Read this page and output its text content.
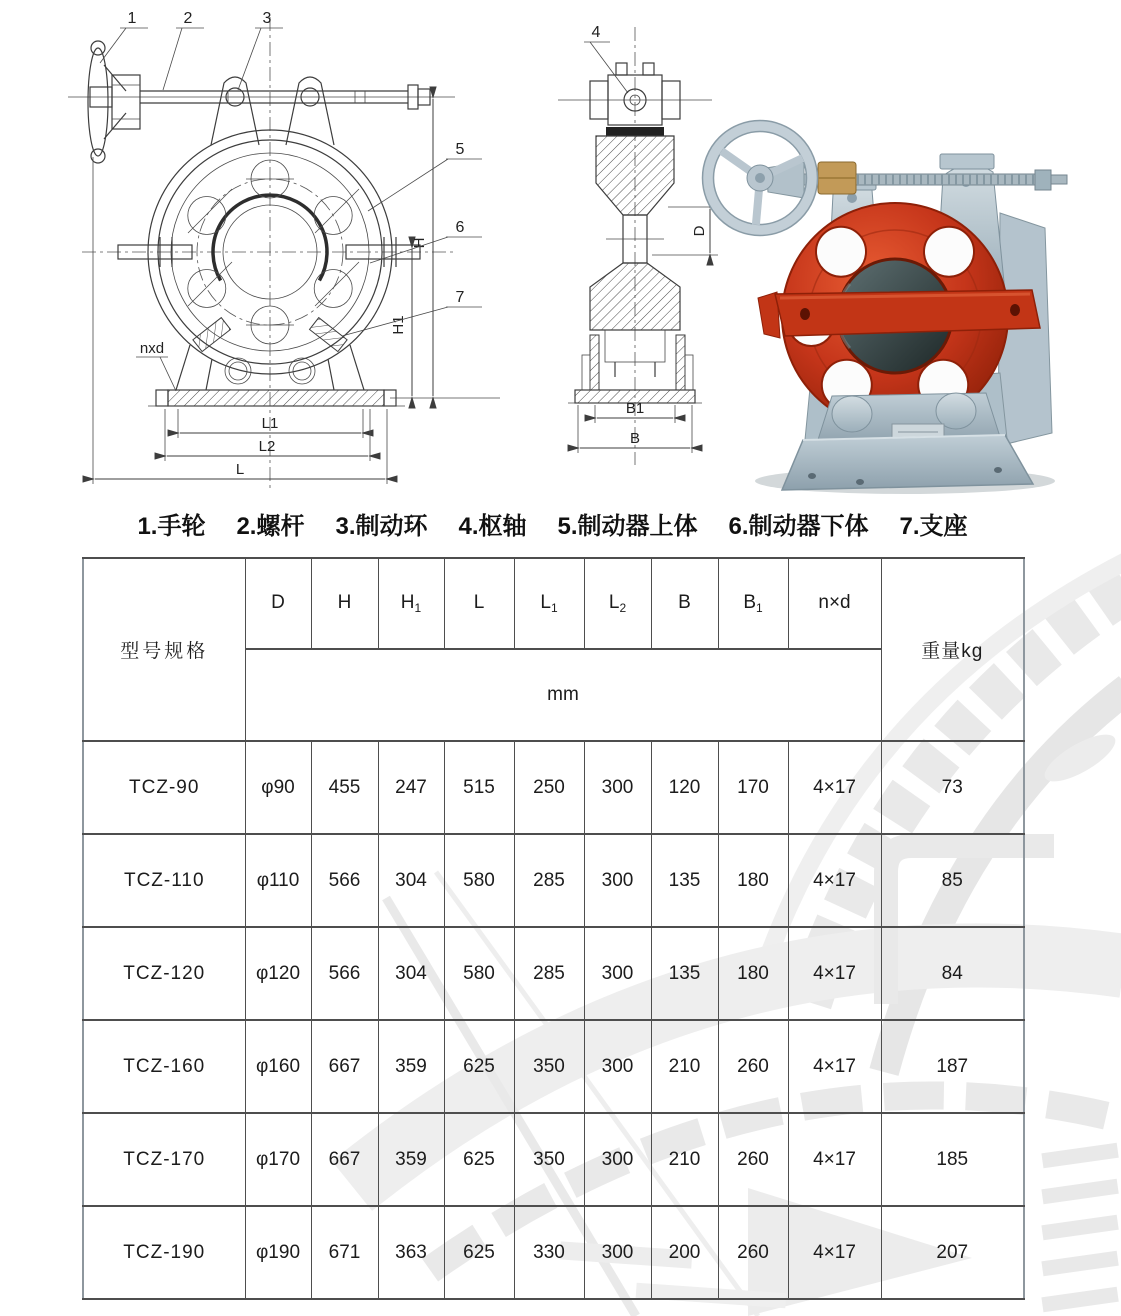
nxd
L1
L2
L
H1
H
1	2	3
5
6
7
4
D
B1
B
1.手轮 2.螺杆 3.制动环 4.枢轴 5.制动器上体 6.制动器下体 7.支座
型号规格	D	H	$H_1$	L	$L_1$	$L_2$	B	$B_1$	n×d	重量kg
	mm									
TCZ-90	φ90	455	247	515	250	300	120	170	4×17	73
TCZ-110	φ110	566	304	580	285	300	135	180	4×17	85
TCZ-120	φ120	566	304	580	285	300	135	180	4×17	84
TCZ-160	φ160	667	359	625	350	300	210	260	4×17	187
TCZ-170	φ170	667	359	625	350	300	210	260	4×17	185
TCZ-190	φ190	671	363	625	330	300	200	260	4×17	207
